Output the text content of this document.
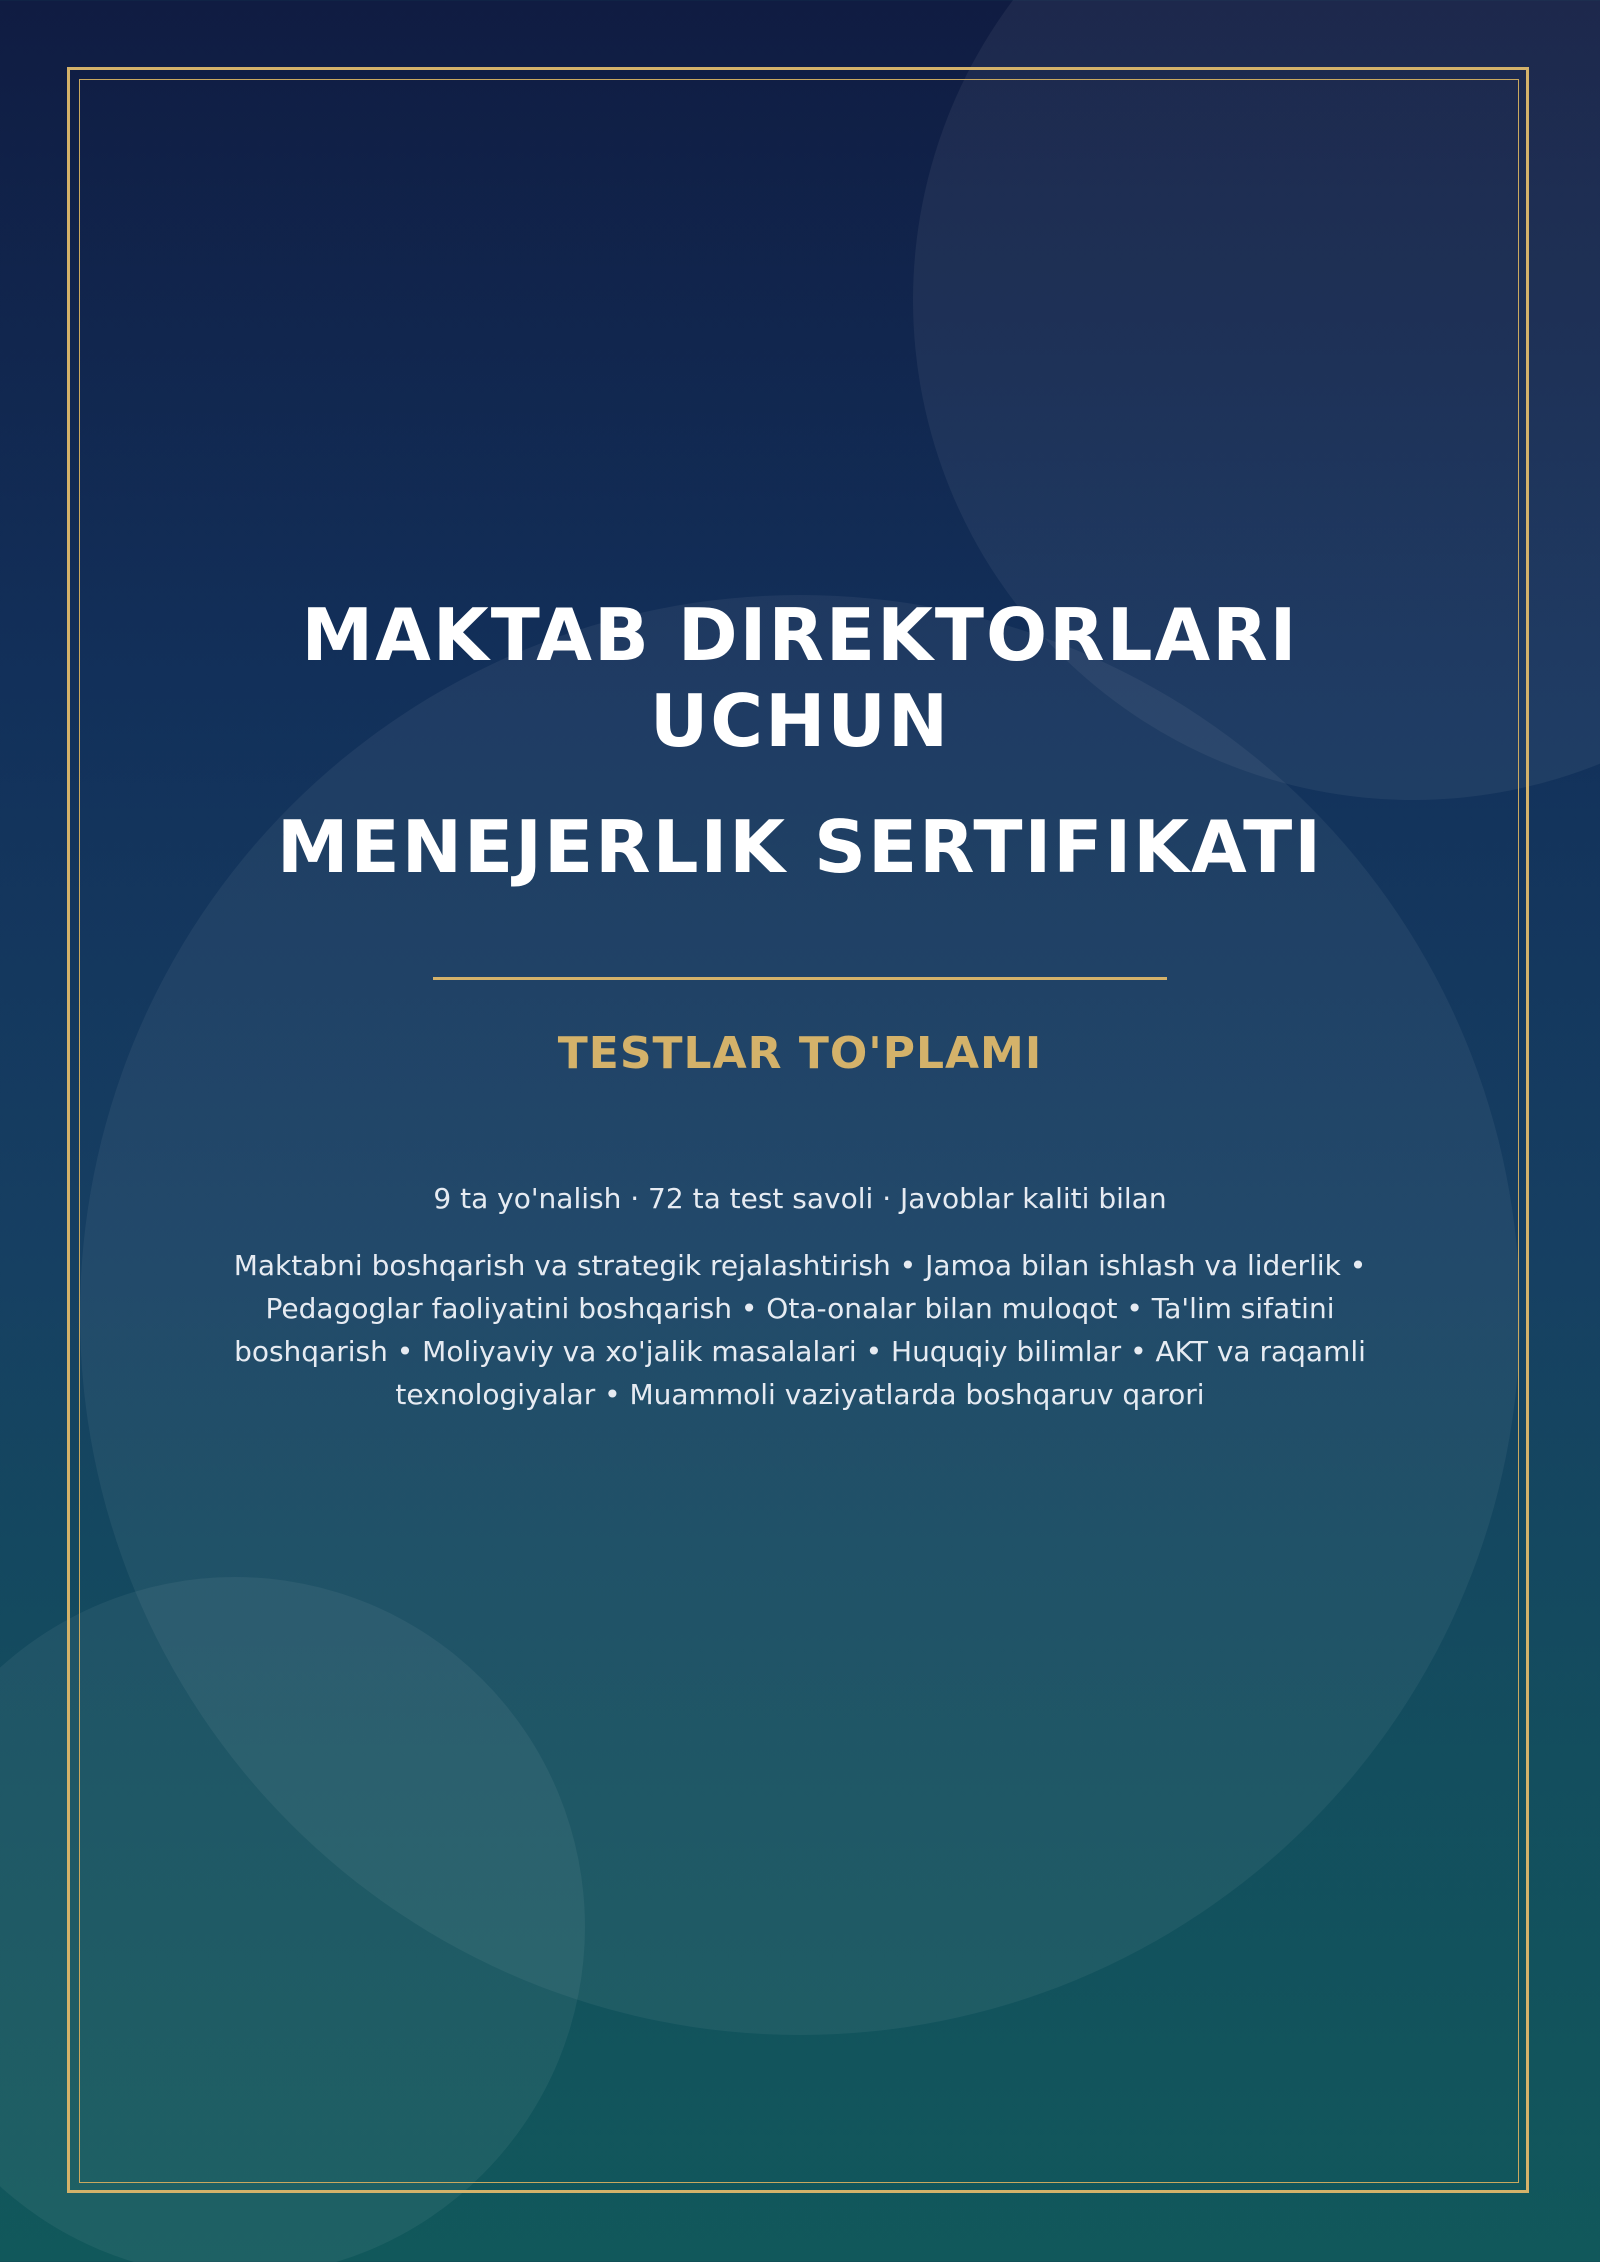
MAKTAB DIREKTORLARI UCHUN
MENEJERLIK SERTIFIKATI
TESTLAR TO'PLAMI
9 ta yo'nalish · 72 ta test savoli · Javoblar kaliti bilan
Maktabni boshqarish va strategik rejalashtirish • Jamoa bilan ishlash va liderlik • Pedagoglar faoliyatini boshqarish • Ota-onalar bilan muloqot • Ta'lim sifatini boshqarish • Moliyaviy va xo'jalik masalalari • Huquqiy bilimlar • AKT va raqamli texnologiyalar • Muammoli vaziyatlarda boshqaruv qarori
